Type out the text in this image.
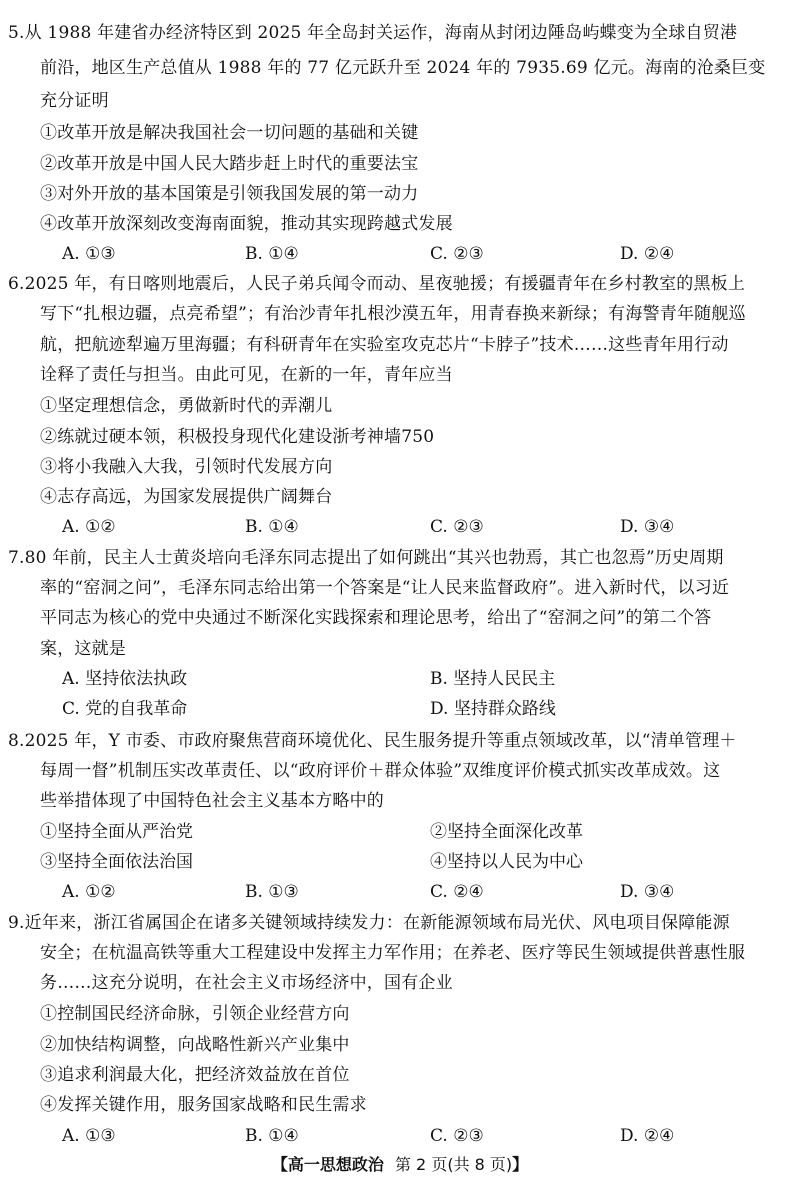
5.从 1988 年建省办经济特区到 2025 年全岛封关运作，海南从封闭边陲岛屿蝶变为全球自贸港
前沿，地区生产总值从 1988 年的 77 亿元跃升至 2024 年的 7935.69 亿元。海南的沧桑巨变
充分证明
①改革开放是解决我国社会一切问题的基础和关键
②改革开放是中国人民大踏步赶上时代的重要法宝
③对外开放的基本国策是引领我国发展的第一动力
④改革开放深刻改变海南面貌，推动其实现跨越式发展
A. ①③	B. ①④	C. ②③	D. ②④
6.2025 年，有日喀则地震后，人民子弟兵闻令而动、星夜驰援；有援疆青年在乡村教室的黑板上
写下“扎根边疆，点亮希望”；有治沙青年扎根沙漠五年，用青春换来新绿；有海警青年随舰巡
航，把航迹犁遍万里海疆；有科研青年在实验室攻克芯片“卡脖子”技术……这些青年用行动
诠释了责任与担当。由此可见，在新的一年，青年应当
①坚定理想信念，勇做新时代的弄潮儿
②练就过硬本领，积极投身现代化建设浙考神墙750
③将小我融入大我，引领时代发展方向
④志存高远，为国家发展提供广阔舞台
A. ①②	B. ①④	C. ②③	D. ③④
7.80 年前，民主人士黄炎培向毛泽东同志提出了如何跳出“其兴也勃焉，其亡也忽焉”历史周期
率的“窑洞之问”，毛泽东同志给出第一个答案是“让人民来监督政府”。进入新时代，以习近
平同志为核心的党中央通过不断深化实践探索和理论思考，给出了“窑洞之问”的第二个答
案，这就是
A. 坚持依法执政	B. 坚持人民民主
C. 党的自我革命	D. 坚持群众路线
8.2025 年，Y 市委、市政府聚焦营商环境优化、民生服务提升等重点领域改革，以“清单管理＋
每周一督”机制压实改革责任、以“政府评价＋群众体验”双维度评价模式抓实改革成效。这
些举措体现了中国特色社会主义基本方略中的
①坚持全面从严治党	②坚持全面深化改革
③坚持全面依法治国	④坚持以人民为中心
A. ①②	B. ①③	C. ②④	D. ③④
9.近年来，浙江省属国企在诸多关键领域持续发力：在新能源领域布局光伏、风电项目保障能源
安全；在杭温高铁等重大工程建设中发挥主力军作用；在养老、医疗等民生领域提供普惠性服
务……这充分说明，在社会主义市场经济中，国有企业
①控制国民经济命脉，引领企业经营方向
②加快结构调整，向战略性新兴产业集中
③追求利润最大化，把经济效益放在首位
④发挥关键作用，服务国家战略和民生需求
A. ①③	B. ①④	C. ②③	D. ②④
【高一思想政治 第 2 页(共 8 页)】
